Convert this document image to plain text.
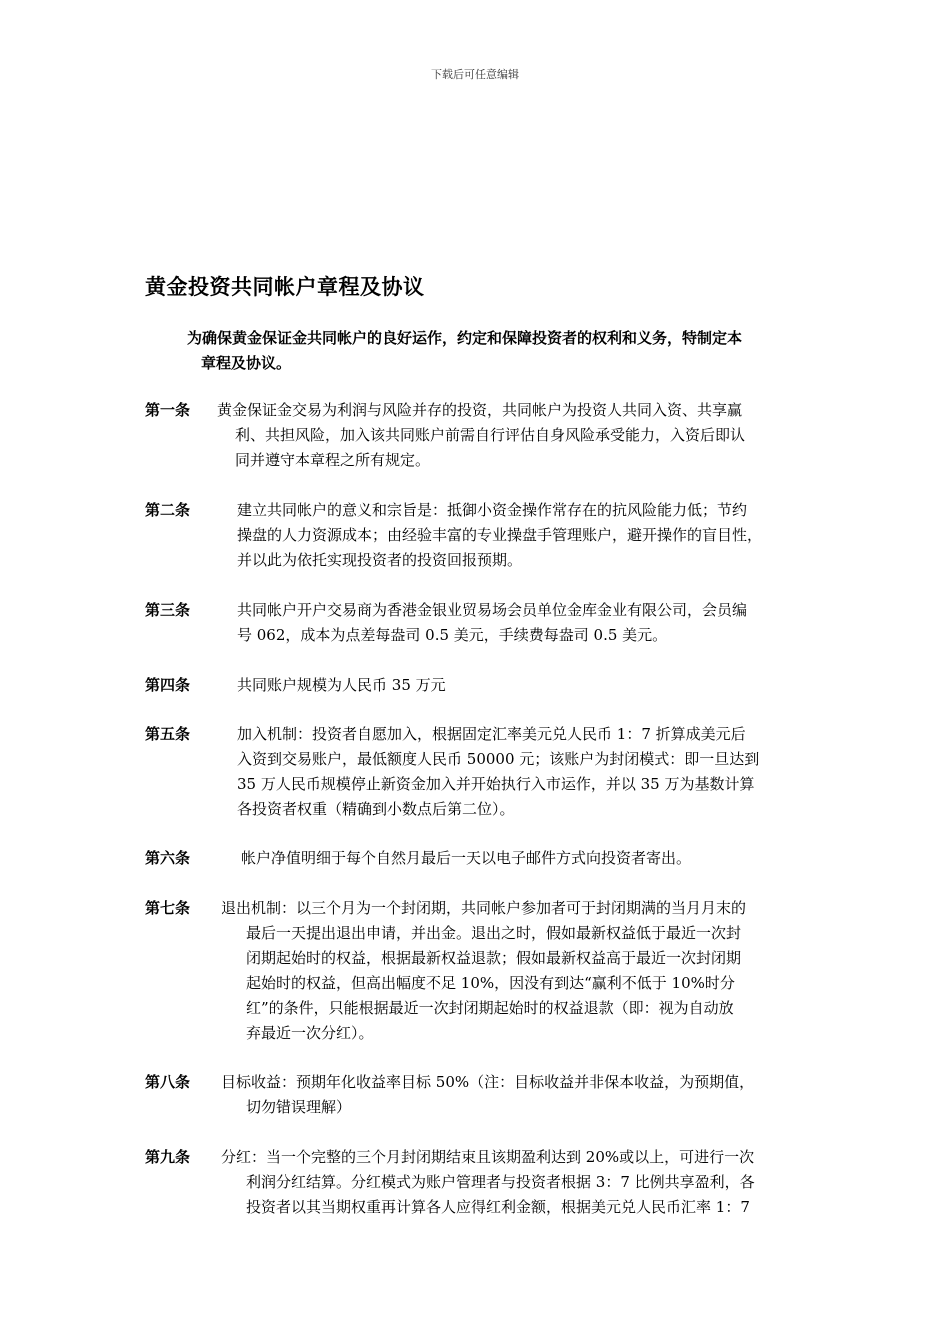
下载后可任意编辑
黄金投资共同帐户章程及协议
为确保黄金保证金共同帐户的良好运作，约定和保障投资者的权利和义务，特制定本
章程及协议。
第一条	黄金保证金交易为利润与风险并存的投资，共同帐户为投资人共同入资、共享赢
利、共担风险，加入该共同账户前需自行评估自身风险承受能力，入资后即认
同并遵守本章程之所有规定。
第二条	建立共同帐户的意义和宗旨是：抵御小资金操作常存在的抗风险能力低；节约
操盘的人力资源成本；由经验丰富的专业操盘手管理账户，避开操作的盲目性，
并以此为依托实现投资者的投资回报预期。
第三条	共同帐户开户交易商为香港金银业贸易场会员单位金库金业有限公司，会员编
号 062，成本为点差每盎司 0.5 美元，手续费每盎司 0.5 美元。
第四条	共同账户规模为人民币 35 万元
第五条	加入机制：投资者自愿加入，根据固定汇率美元兑人民币 1：7 折算成美元后
入资到交易账户，最低额度人民币 50000 元；该账户为封闭模式：即一旦达到
35 万人民币规模停止新资金加入并开始执行入市运作，并以 35 万为基数计算
各投资者权重（精确到小数点后第二位）。
第六条	帐户净值明细于每个自然月最后一天以电子邮件方式向投资者寄出。
第七条	退出机制：以三个月为一个封闭期，共同帐户参加者可于封闭期满的当月月末的
最后一天提出退出申请，并出金。退出之时，假如最新权益低于最近一次封
闭期起始时的权益，根据最新权益退款；假如最新权益高于最近一次封闭期
起始时的权益，但高出幅度不足 10%，因没有到达“赢利不低于 10%时分
红”的条件，只能根据最近一次封闭期起始时的权益退款（即：视为自动放
弃最近一次分红）。
第八条	目标收益：预期年化收益率目标 50%（注：目标收益并非保本收益，为预期值，
切勿错误理解）
第九条	分红：当一个完整的三个月封闭期结束且该期盈利达到 20%或以上，可进行一次
利润分红结算。分红模式为账户管理者与投资者根据 3：7 比例共享盈利，各
投资者以其当期权重再计算各人应得红利金额，根据美元兑人民币汇率 1：7
